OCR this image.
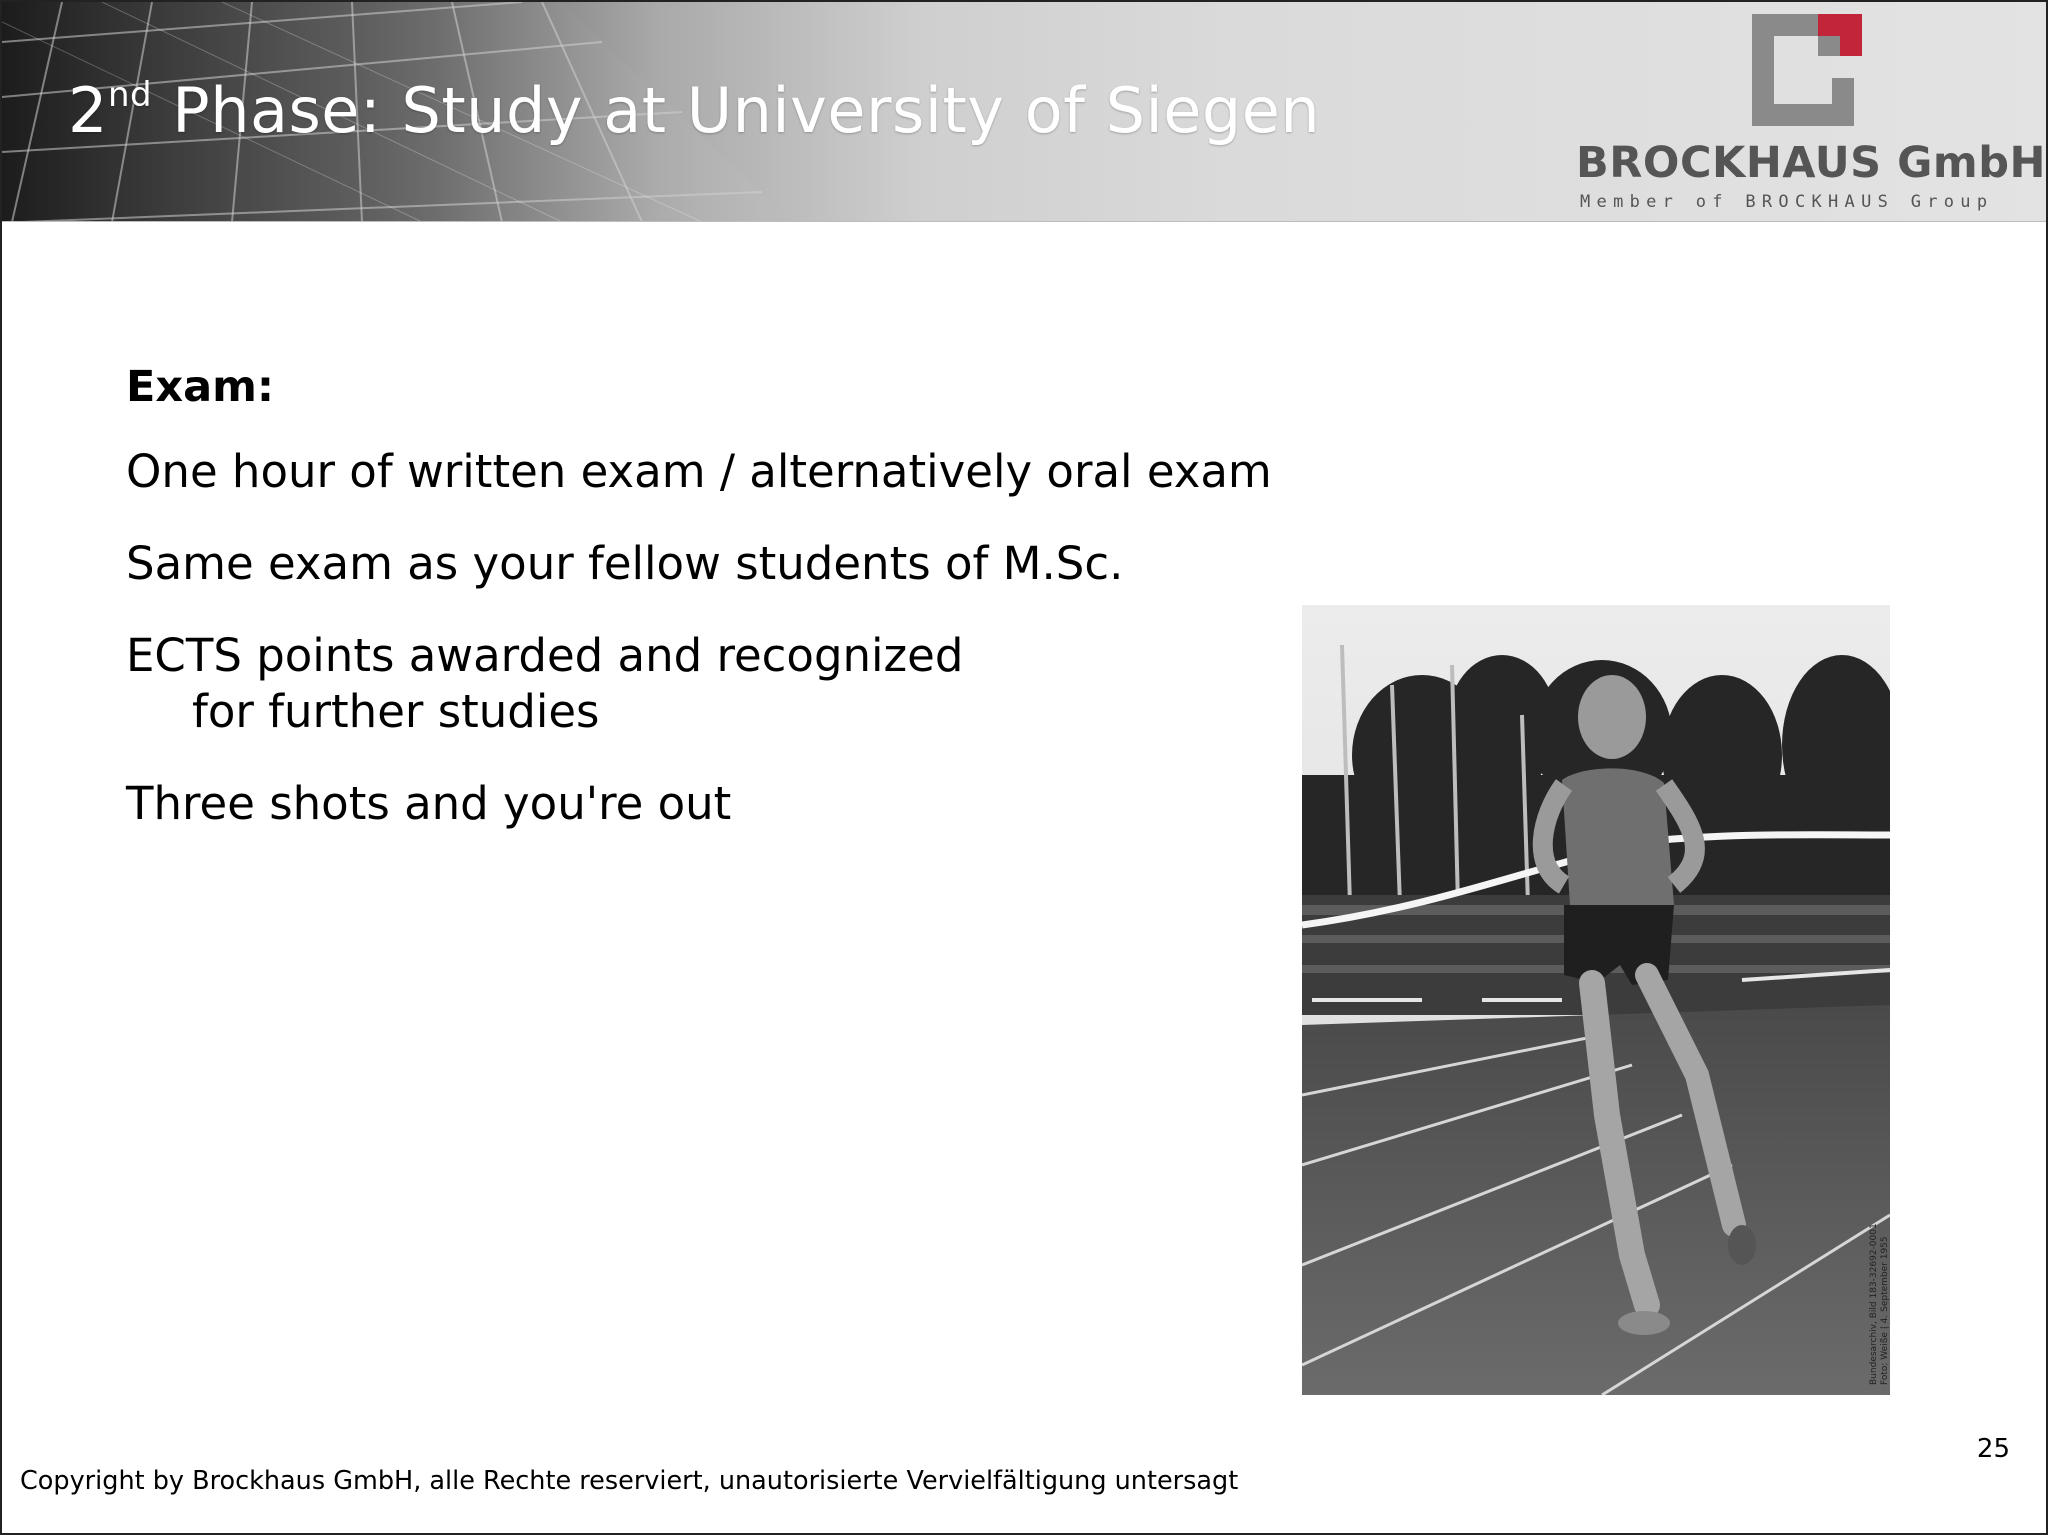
2nd Phase: Study at University of Siegen
BROCKHAUS GmbH
Member of BROCKHAUS Group
Exam:
One hour of written exam / alternatively oral exam
Same exam as your fellow students of M.Sc.
ECTS points awarded and recognized
for further studies
Three shots and you're out
Bundesarchiv, Bild 183-32692-0001 Foto: Weiße | 4. September 1955
25
Copyright by Brockhaus GmbH, alle Rechte reserviert, unautorisierte Vervielfältigung untersagt
